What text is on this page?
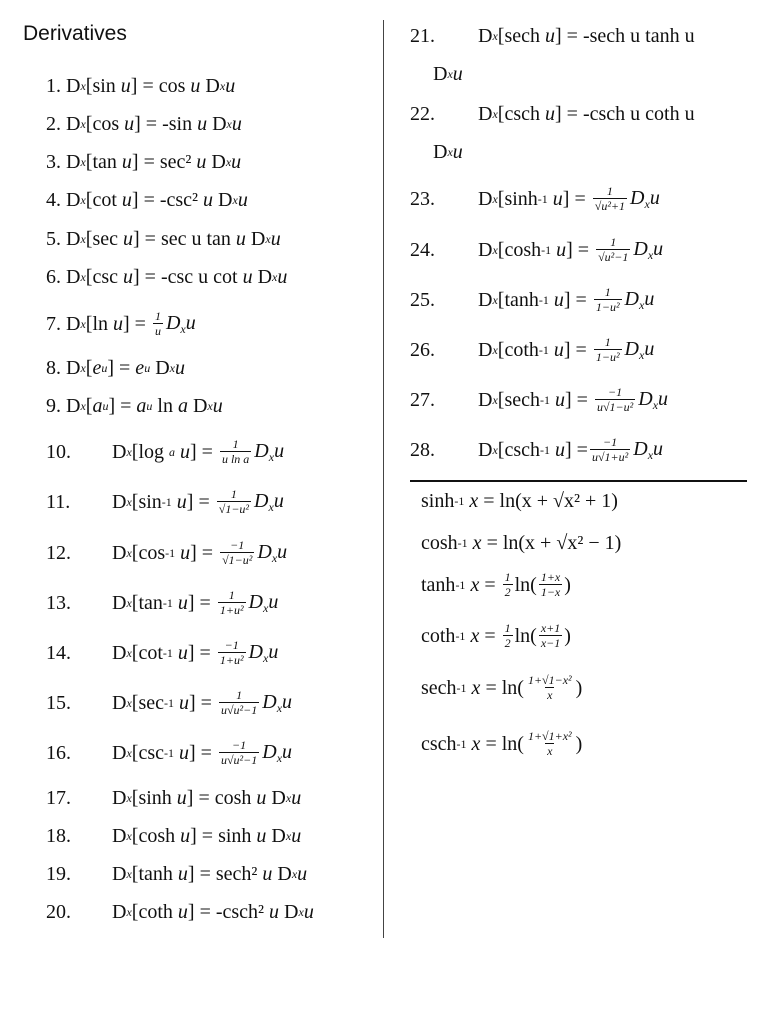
Derivatives
1. D x [ sin
u ] = cos
u D x u
2. D x [ cos
u ] = -sin
u D x u
3. D x [ tan
u ] = sec²
u D x u
4. D x [ cot
u ] = -csc²
u D x u
5. D x [ sec
u ] = sec u tan
u D x u
6. D x [ csc
u ] = -csc u cot
u D x u
7. D x [ln u ] = $\frac{1}{u} D_xu$
8. D x [ e u ] = e u D x u
9. D x [ a u ] = a u ln a D x u
10.	D x [log a
u ] = $\frac{1}{\text{u ln a}} D_xu$
11.	D x [ sin -1
u ] = $\frac{1}{\text{√1−u²}} D_xu$
12.	D x [ cos -1
u ] = $\frac{-1}{\text{√1−u²}} D_xu$
13.	D x [ tan -1
u ] = $\frac{1}{\text{1+u²}} D_xu$
14.	D x [ cot -1
u ] = $\frac{-1}{\text{1+u²}} D_xu$
15.	D x [ sec -1
u ] = $\frac{1}{\text{u√u²−1}} D_xu$
16.	D x [ csc -1
u ] = $\frac{-1}{\text{u√u²−1}} D_xu$
17.	D x [ sinh
u ] = cosh
u D x u
18.	D x [ cosh
u ] = sinh
u D x u
19.	D x [ tanh
u ] = sech²
u D x u
20.	D x [ coth
u ] = -csch²
u D x u
21.	D x [ sech
u ] = -sech u tanh u
D x u
22.	D x [ csch
u ] = -csch u coth u
D x u
23.	D x [ sinh -1
u ] = $\frac{1}{\text{√u²+1}} D_xu$
24.	D x [ cosh -1
u ] = $\frac{1}{\text{√u²−1}} D_xu$
25.	D x [ tanh -1
u ] = $\frac{1}{\text{1−u²}} D_xu$
26.	D x [ coth -1
u ] = $\frac{1}{\text{1−u²}} D_xu$
27.	D x [ sech -1
u ] = $\frac{-1}{\text{u√1−u²}} D_xu$
28.	D x [ csch -1
u ] = $\frac{-1}{\text{u√1+u²}} D_xu$
sinh -1
x = ln(x + √x² + 1)
cosh -1
x = ln(x + √x² − 1)
tanh -1
$x = \frac{1}{2} \ln( \frac{1+x}{1-x}$ )
coth -1
$x = \frac{1}{2} \ln( \frac{x+1}{x-1}$ )
sech -1
$x = \ln( \frac{\text{1+√1−x²}}{x}$ )
csch -1
$x = \ln( \frac{\text{1+√1+x²}}{x}$ )
